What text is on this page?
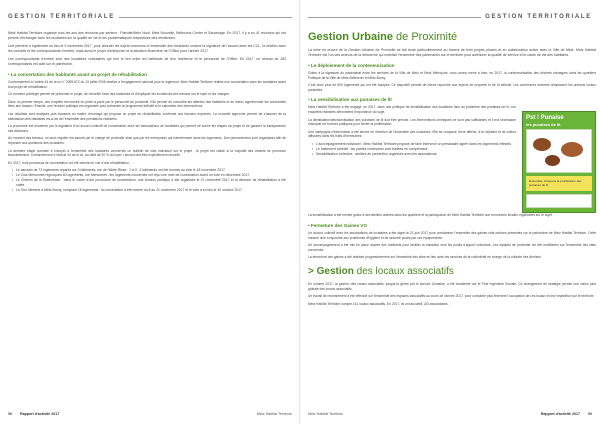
GESTION TERRITORIALE

Metz Habitat Territoire organise tous les ans des réunions par secteur : Patrotte/Metz Nord, Metz Nouvelle, Bellecroix-Centre et Sauvetage. En 2017, il y a eu 41 réunions qui ont permis d'échanger avec les locataires sur la qualité de vie et les problématiques respectives des résidences.

Une plénière a également eu lieu le 9 novembre 2017, pour aborder les sujets communs à l'ensemble des locataires comme la signature de l'accord avec les CCL, la relation avec les conseils et les correspondants d'entrée, mais aussi le projet d'entreprise et la situation financière de l'Office pour l'année 2017.

Les correspondants d'entrée sont des locataires volontaires qui font le lien entre les habitants de leur résidence et le personnel de l'Office. En 2017, un réseau de 183 correspondants est actif sur le patrimoine.

• La concertation des habitants avant un projet de réhabilitation

Conformément à l'article 44 de la loi n° 2006-872 du 13 juillet 2006 relative à l'engagement national pour le logement, Metz Habitat Territoire réalise une concertation avec les locataires avant tout projet de réhabilitation.

Ce moment privilégié permet de présenter le projet, de recueillir l'avis des locataires et d'expliquer les incidences des travaux sur le loyer et les charges.

Dans un premier temps, une enquête est menée en porte-à-porte par le personnel de proximité. Elle permet de connaître les attentes des habitants et de mieux appréhender les contraintes liées aux travaux. Ensuite, une réunion publique est organisée pour présenter le programme définitif et le calendrier des interventions.

Les résultats sont analysés puis transmis au maître d'ouvrage qui propose un projet de réhabilitation conforme aux besoins exprimés. La nouvelle approche permet de s'assurer de la satisfaction des habitants vis-à-vis de l'ensemble des prestations réalisées.

La procédure est encadrée par la signature d'un accord collectif de concertation avec les associations de locataires qui permet de suivre les étapes du projet et de garantir la transparence des décisions.

Au moment des travaux, un suivi régulier est assuré par le chargé de proximité ainsi que par les entreprises qui interviennent dans les logements. Des permanences sont organisées afin de répondre aux questions des locataires.

La dernière étape consiste à envoyer à l'ensemble des locataires concernés un bulletin de vote individuel sur le projet ; le projet est validé si la majorité des votants se prononce favorablement. Conformément à l'article 44 de la loi, au-delà de 20 % du loyer, l'accord doit être explicitement recueilli.

En 2017, trois processus de concertation ont été menés en vue d'une réhabilitation :

• Le sarrasin de 73 logements répartis sur 9 bâtiments, rue de l'Abbé Risse : 1 à 3 ; 2 bâtiments ont été soumis au vote le 18 novembre 2017.
• Le Clos Mersonnet regroupant 60 logements, rue Mersonnet : les logements concernés ont reçu une note de concertation avant un vote en décembre 2017.
• Le Chemin de la Rottenbach : dans le cadre d'une procédure de concertation, une réunion publique a été organisée le 21 novembre 2017 et la décision de réhabilitation a été votée.
• Le Tour Mécène à Metz-Borny, comptant 18 logements : la concertation a été menée du 8 au 21 novembre 2017 et le vote a eu lieu le 30 octobre 2017.
58 Rapport d'activité 2017	Metz Habitat Territoire
GESTION TERRITORIALE
Gestion Urbaine de Proximité

La mise en œuvre de la Gestion Urbaine de Proximité se fait toute particulièrement au travers de trois projets phares et en collaboration active avec la Ville de Metz. Metz Habitat Territoire est l'un des acteurs de la démarche qui mobilise l'ensemble des partenaires sur le territoire pour améliorer la qualité de service et le cadre de vie des habitants.

• Le déploiement de la conteneurisation

Grâce à la signature du partenariat entre les services de la Ville de Metz et Metz Métropole, nous avons mené à bien, en 2017, la conteneurisation des déchets ménagers dans les quartiers Politique de la Ville de Metz-Bellecroix et Metz-Borny.

C'est donc plus de 800 logements qui ont été équipés. Ce dispositif permet de mieux répondre aux enjeux de propreté et de tri sélectif. Les conteneurs enterrés remplacent les anciens locaux poubelles.

• La sensibilisation aux punaises de lit

Metz Habitat Territoire a été engagé, en 2017, dans une politique de sensibilisation des locataires face au problème des punaises de lit. Les enquêtes réalisées démontrent l'importance du sujet.

La dératisation/désinsectisation des punaises de lit doit être précise. Les interventions chimiques ne sont pas suffisantes et il est nécessaire d'adopter de bonnes pratiques pour limiter la prolifération.

Une campagne d'information a été lancée en direction de l'ensemble des locataires. Elle se compose d'une affiche, d'un dépliant et de vidéos diffusées dans les halls d'immeubles.

• L'accompagnement individuel : Metz Habitat Territoire propose de faire intervenir un prestataire agréé dans les logements infestés.
• Le traitement collectif : les parties communes sont traitées en complément.
• Sensibilisation collective : ateliers de prévention organisés avec les associations.
Pst ! Punaise
les punaises de lit
Ensemble, stoppons la prolifération des punaises de lit

La sensibilisation a été menée grâce à des ateliers animés dans les quartiers et la participation de Metz Habitat Territoire aux rencontres locales organisées sur le sujet.

• Fermeture des Gaines VO

Un accord collectif avec les associations de locataires a été signé le 21 juin 2017 pour condamner l'ensemble des gaines vide-ordures présentes sur le patrimoine de Metz Habitat Territoire. Cette mesure vise à répondre aux problèmes d'hygiène et de sécurité posés par ces équipements.

Un accompagnement a été mis en place auprès des habitants pour faciliter la transition vers les points d'apport volontaire. Les équipes de proximité ont été mobilisées sur l'ensemble des sites concernés.

La fermeture des gaines a été réalisée progressivement sur l'ensemble des sites en lien avec les services de la collectivité en charge de la collecte des déchets.

> Gestion des locaux associatifs

En octobre 2017, la gestion des locaux associatifs, jusque-là gérée par le service Domaine, a été transférée sur le Pôle Ingénierie Sociale. Ce changement de stratégie permet une vision plus globale des locaux associatifs.

Un travail de recensement a été effectué sur l'ensemble des espaces associatifs au cours de l'année 2017, pour connaître plus finement l'occupation de ces locaux et leur répartition sur le territoire.

Metz Habitat Territoire compte 141 locaux associatifs. En 2017, ils ont accueilli 130 associations.

Metz Habitat Territoire	Rapport d'activité 2017 59
